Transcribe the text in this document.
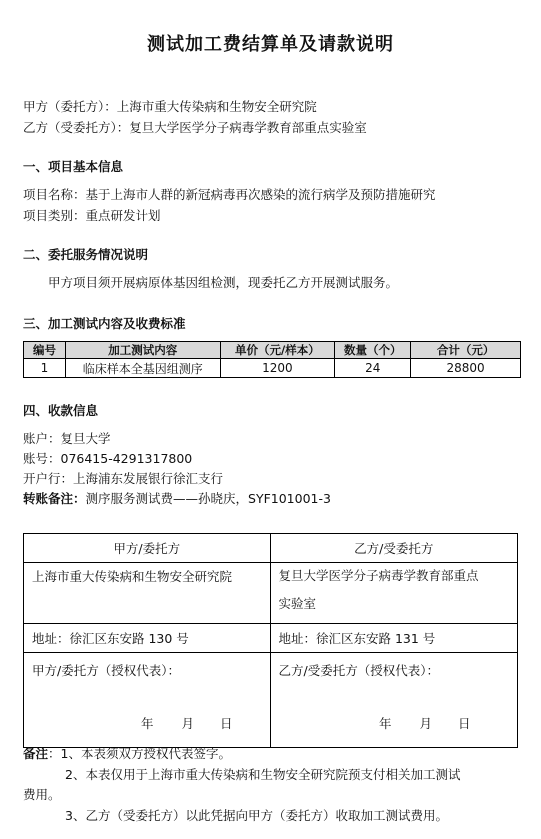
测试加工费结算单及请款说明
甲方（委托方）：上海市重大传染病和生物安全研究院
乙方（受委托方）：复旦大学医学分子病毒学教育部重点实验室
一、项目基本信息
项目名称：基于上海市人群的新冠病毒再次感染的流行病学及预防措施研究
项目类别：重点研发计划
二、委托服务情况说明
甲方项目须开展病原体基因组检测，现委托乙方开展测试服务。
三、加工测试内容及收费标准
编号	加工测试内容	单价（元/样本）	数量（个）	合计（元）
1	临床样本全基因组测序	1200	24	28800
四、收款信息
账户：复旦大学
账号：076415-4291317800
开户行：上海浦东发展银行徐汇支行
转账备注：测序服务测试费——孙晓庆，SYF101001-3
甲方/委托方	乙方/受委托方
上海市重大传染病和生物安全研究院	复旦大学医学分子病毒学教育部重点
实验室

地址：徐汇区东安路 130 号	地址：徐汇区东安路 131 号
甲方/委托方（授权代表）：	乙方/受委托方（授权代表）：
年 月 日	年 月 日
备注：1、本表须双方授权代表签字。
2、本表仅用于上海市重大传染病和生物安全研究院预支付相关加工测试
费用。
3、乙方（受委托方）以此凭据向甲方（委托方）收取加工测试费用。
